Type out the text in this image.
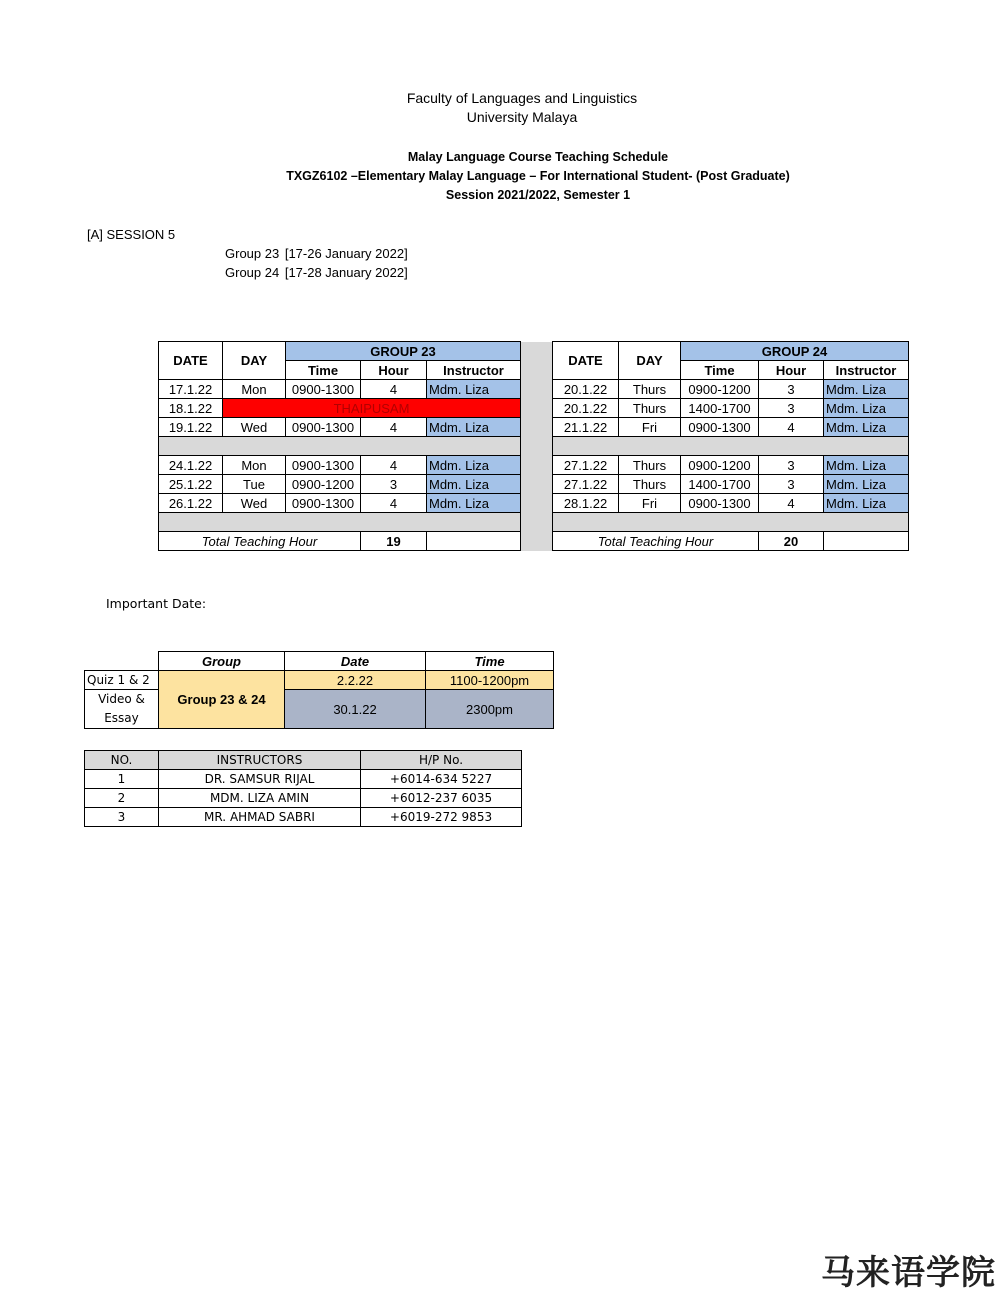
Faculty of Languages and Linguistics
University Malaya
Malay Language Course Teaching Schedule
TXGZ6102 –Elementary Malay Language – For International Student- (Post Graduate)
Session 2021/2022, Semester 1
[A] SESSION 5
Group 23 [17-26 January 2022]
Group 24 [17-28 January 2022]
DATE	DAY	GROUP 23				DATE	DAY	GROUP 24		
		Time	Hour	Instructor				Time	Hour	Instructor
17.1.22	Mon	0900-1300	4	Mdm. Liza		20.1.22	Thurs	0900-1200	3	Mdm. Liza
18.1.22	THAIPUSAM					20.1.22	Thurs	1400-1700	3	Mdm. Liza
19.1.22	Wed	0900-1300	4	Mdm. Liza		21.1.22	Fri	0900-1300	4	Mdm. Liza

24.1.22	Mon	0900-1300	4	Mdm. Liza		27.1.22	Thurs	0900-1200	3	Mdm. Liza
25.1.22	Tue	0900-1200	3	Mdm. Liza		27.1.22	Thurs	1400-1700	3	Mdm. Liza
26.1.22	Wed	0900-1300	4	Mdm. Liza		28.1.22	Fri	0900-1300	4	Mdm. Liza

Total Teaching Hour			19			Total Teaching Hour			20	
Important Date:
	Group	Date	Time
Quiz 1 & 2	Group 23 & 24	2.2.22	1100-1200pm

Video &
Essay		30.1.22	2300pm
NO.	INSTRUCTORS	H/P No.
1	DR. SAMSUR RIJAL	+6014-634 5227
2	MDM. LIZA AMIN	+6012-237 6035
3	MR. AHMAD SABRI	+6019-272 9853
马来语学院
